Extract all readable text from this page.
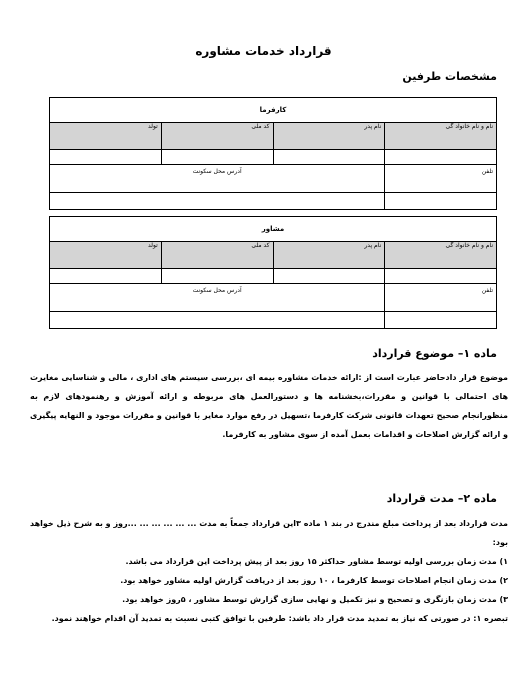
قرارداد خدمات مشاوره
مشخصات طرفین
کارفرما			
نام و نام خانواد گی	نام پدر	کد ملی	تولد

تلفن	آدرس محل سکونت		

مشاور			
نام و نام خانواد گی	نام پدر	کد ملی	تولد

تلفن	آدرس محل سکونت		

ماده ۱– موضوع قرارداد

موضوع قرار دادحاضر عبارت است از :ارائه خدمات مشاوره بیمه ای ،بررسی سیستم های اداری ، مالی و شناسایی مغایرت های احتمالی با قوانین و مقررات،بخشنامه ها و دستورالعمل های مربوطه و ارائه آموزش و رهنمودهای لازم به منظورانجام صحیح تعهدات قانونی شرکت کارفرما ،تسهیل در رفع موارد مغایر با قوانین و مقررات موجود و النهایه پیگیری و ارائه گزارش اصلاحات و اقدامات بعمل آمده از سوی مشاور به کارفرما.

ماده ۲– مدت قرارداد

مدت قرارداد بعد از پرداخت مبلغ مندرج در بند ۱ ماده ۳این قرارداد جمعاً به مدت ... ... ... ... ... ...روز و به شرح ذیل خواهد بود:

۱) مدت زمان بررسی اولیه توسط مشاور حداکثر ۱۵ روز بعد از پیش پرداخت این قرارداد می باشد.

۲) مدت زمان انجام اصلاحات توسط کارفرما ، ۱۰ روز بعد از دریافت گزارش اولیه مشاور خواهد بود.

۳) مدت زمان بازنگری و تصحیح و نیز تکمیل و نهایی سازی گزارش توسط مشاور ، ۵روز خواهد بود.

تبصره ۱: در صورتی که نیاز به تمدید مدت قرار داد باشد: طرفین با توافق کتبی نسبت به تمدید آن اقدام خواهند نمود.
